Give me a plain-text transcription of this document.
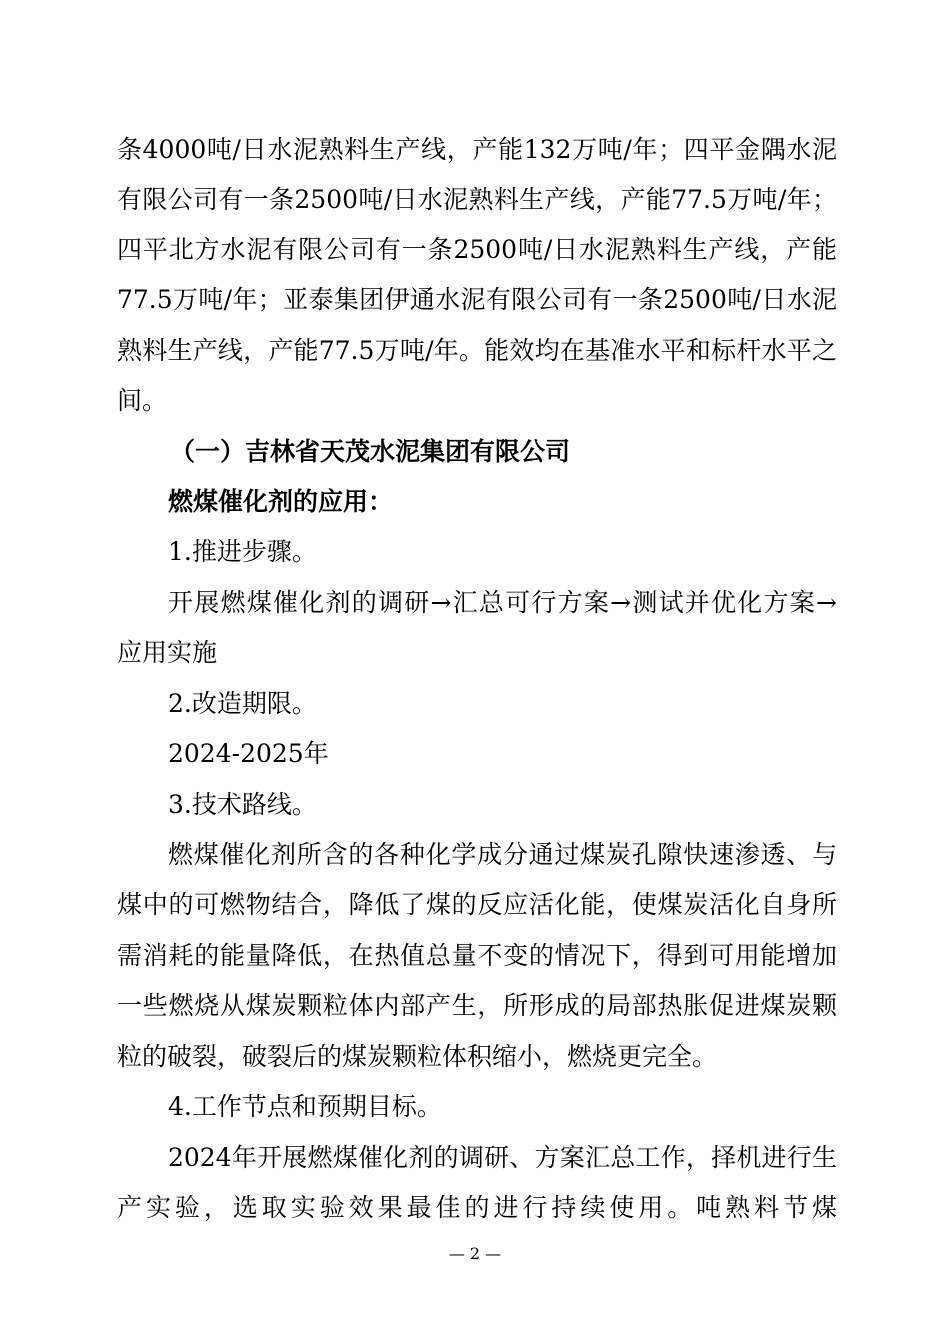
条4000吨/日水泥熟料生产线，产能132万吨/年；四平金隅水泥
有限公司有一条2500吨/日水泥熟料生产线，产能77.5万吨/年；
四平北方水泥有限公司有一条2500吨/日水泥熟料生产线，产能
77.5万吨/年；亚泰集团伊通水泥有限公司有一条2500吨/日水泥
熟料生产线，产能77.5万吨/年。能效均在基准水平和标杆水平之
间。
（一）吉林省天茂水泥集团有限公司
燃煤催化剂的应用：
1.推进步骤。
开展燃煤催化剂的调研→汇总可行方案→测试并优化方案→
应用实施
2.改造期限。
2024-2025年
3.技术路线。
燃煤催化剂所含的各种化学成分通过煤炭孔隙快速渗透、与
煤中的可燃物结合，降低了煤的反应活化能，使煤炭活化自身所
需消耗的能量降低，在热值总量不变的情况下，得到可用能增加
一些燃烧从煤炭颗粒体内部产生，所形成的局部热胀促进煤炭颗
粒的破裂，破裂后的煤炭颗粒体积缩小，燃烧更完全。
4.工作节点和预期目标。
2024年开展燃煤催化剂的调研、方案汇总工作，择机进行生
产实验，选取实验效果最佳的进行持续使用。吨熟料节煤
— 2 —
